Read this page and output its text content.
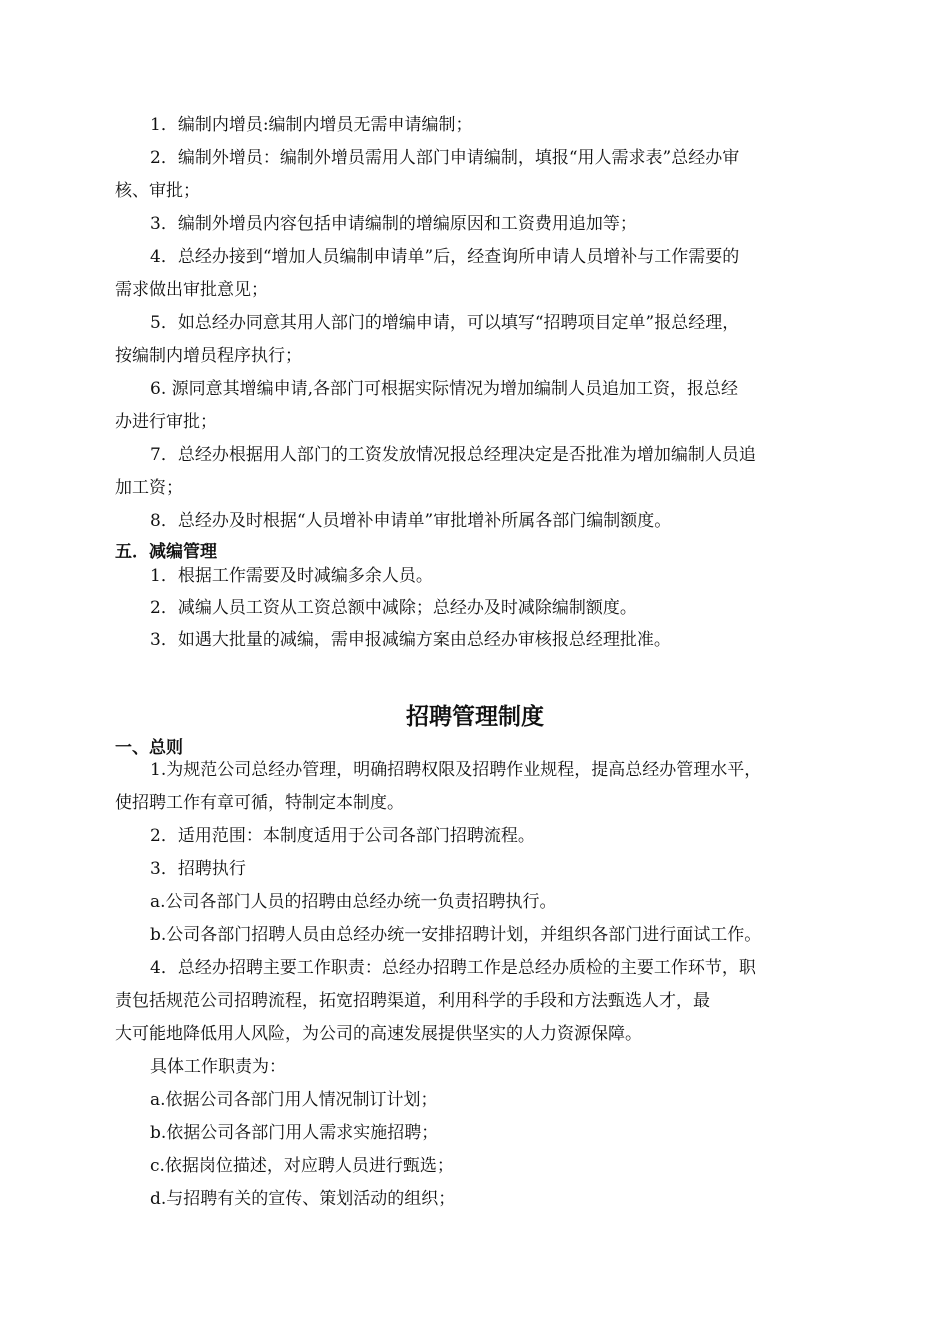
1．编制内增员:编制内增员无需申请编制；

2．编制外增员：编制外增员需用人部门申请编制，填报“用人需求表”总经办审

核、审批；

3．编制外增员内容包括申请编制的增编原因和工资费用追加等；

4．总经办接到“增加人员编制申请单”后，经查询所申请人员增补与工作需要的

需求做出审批意见；

5．如总经办同意其用人部门的增编申请，可以填写“招聘项目定单”报总经理，

按编制内增员程序执行；

6. 源同意其增编申请,各部门可根据实际情况为增加编制人员追加工资，报总经

办进行审批；

7．总经办根据用人部门的工资发放情况报总经理决定是否批准为增加编制人员追

加工资；

8．总经办及时根据“人员增补申请单”审批增补所属各部门编制额度。

五．减编管理

1．根据工作需要及时减编多余人员。

2．减编人员工资从工资总额中减除；总经办及时减除编制额度。

3．如遇大批量的减编，需申报减编方案由总经办审核报总经理批准。

招聘管理制度

一、总则

1.为规范公司总经办管理，明确招聘权限及招聘作业规程，提高总经办管理水平，

使招聘工作有章可循，特制定本制度。

2．适用范围：本制度适用于公司各部门招聘流程。

3．招聘执行

a.公司各部门人员的招聘由总经办统一负责招聘执行。

b.公司各部门招聘人员由总经办统一安排招聘计划，并组织各部门进行面试工作。

4．总经办招聘主要工作职责：总经办招聘工作是总经办质检的主要工作环节，职

责包括规范公司招聘流程，拓宽招聘渠道，利用科学的手段和方法甄选人才，最

大可能地降低用人风险，为公司的高速发展提供坚实的人力资源保障。

具体工作职责为：

a.依据公司各部门用人情况制订计划；

b.依据公司各部门用人需求实施招聘；

c.依据岗位描述，对应聘人员进行甄选；

d.与招聘有关的宣传、策划活动的组织；
